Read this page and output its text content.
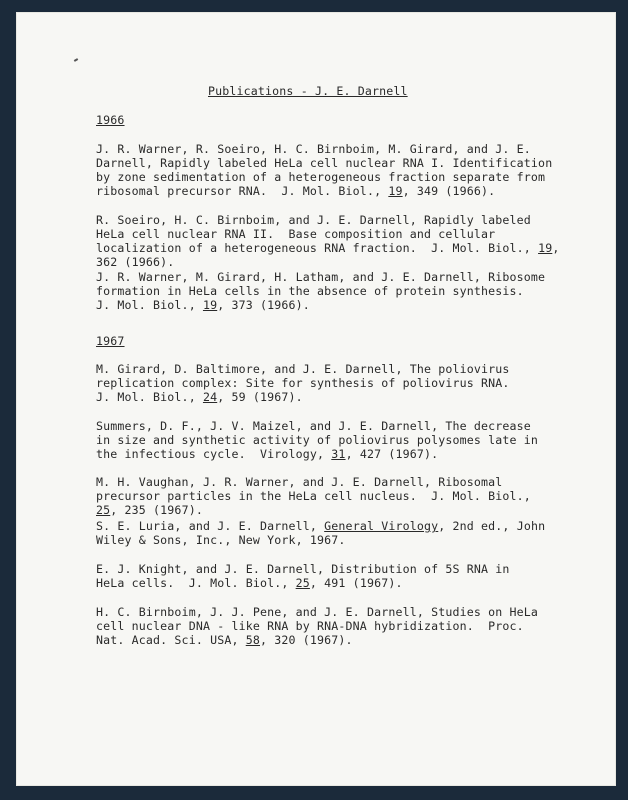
Publications - J. E. Darnell
1966
J. R. Warner, R. Soeiro, H. C. Birnboim, M. Girard, and J. E.
Darnell, Rapidly labeled HeLa cell nuclear RNA I. Identification
by zone sedimentation of a heterogeneous fraction separate from
ribosomal precursor RNA.  J. Mol. Biol., 19, 349 (1966).
R. Soeiro, H. C. Birnboim, and J. E. Darnell, Rapidly labeled
HeLa cell nuclear RNA II.  Base composition and cellular
localization of a heterogeneous RNA fraction.  J. Mol. Biol., 19,
362 (1966).
J. R. Warner, M. Girard, H. Latham, and J. E. Darnell, Ribosome
formation in HeLa cells in the absence of protein synthesis.
J. Mol. Biol., 19, 373 (1966).
1967
M. Girard, D. Baltimore, and J. E. Darnell, The poliovirus
replication complex: Site for synthesis of poliovirus RNA.
J. Mol. Biol., 24, 59 (1967).
Summers, D. F., J. V. Maizel, and J. E. Darnell, The decrease
in size and synthetic activity of poliovirus polysomes late in
the infectious cycle.  Virology, 31, 427 (1967).
M. H. Vaughan, J. R. Warner, and J. E. Darnell, Ribosomal
precursor particles in the HeLa cell nucleus.  J. Mol. Biol.,
25, 235 (1967).
S. E. Luria, and J. E. Darnell, General Virology, 2nd ed., John
Wiley & Sons, Inc., New York, 1967.
E. J. Knight, and J. E. Darnell, Distribution of 5S RNA in
HeLa cells.  J. Mol. Biol., 25, 491 (1967).
H. C. Birnboim, J. J. Pene, and J. E. Darnell, Studies on HeLa
cell nuclear DNA - like RNA by RNA-DNA hybridization.  Proc.
Nat. Acad. Sci. USA, 58, 320 (1967).
